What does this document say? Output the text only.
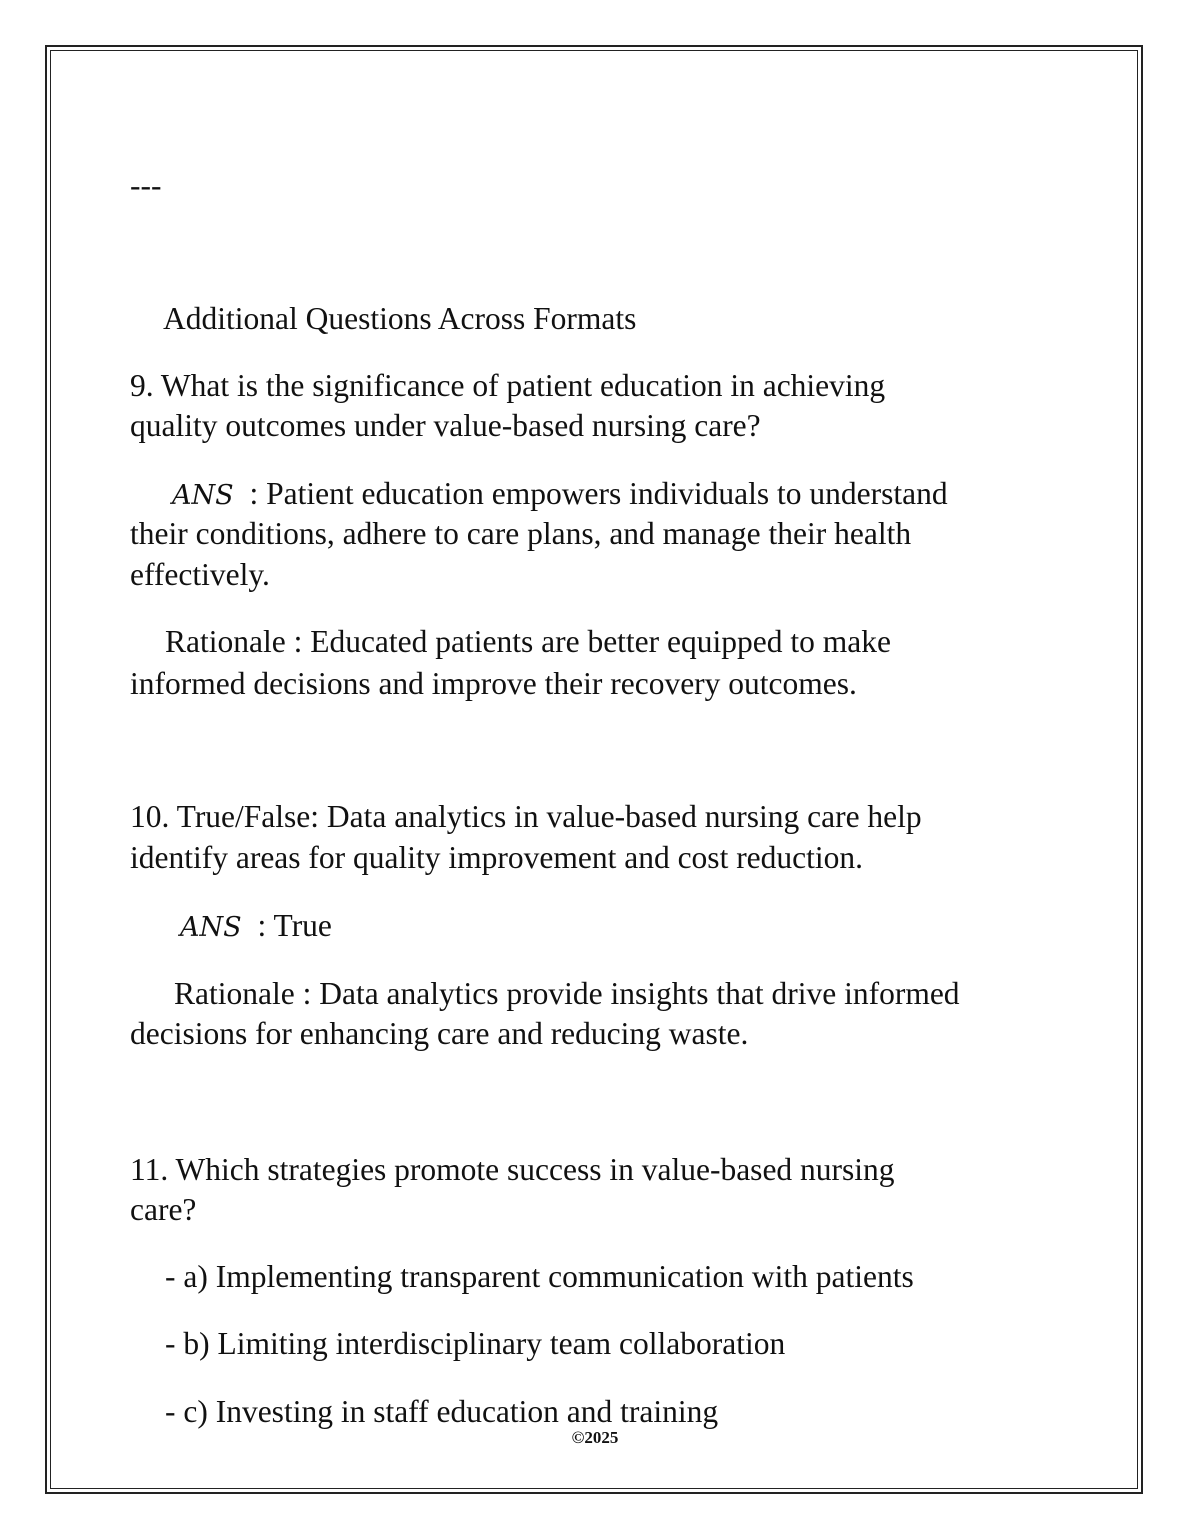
---

Additional Questions Across Formats

9. What is the significance of patient education in achieving

quality outcomes under value-based nursing care?

ANS : Patient education empowers individuals to understand

their conditions, adhere to care plans, and manage their health

effectively.

Rationale : Educated patients are better equipped to make

informed decisions and improve their recovery outcomes.

10. True/False: Data analytics in value-based nursing care help

identify areas for quality improvement and cost reduction.

ANS : True

Rationale : Data analytics provide insights that drive informed

decisions for enhancing care and reducing waste.

11. Which strategies promote success in value-based nursing

care?

- a) Implementing transparent communication with patients

- b) Limiting interdisciplinary team collaboration

- c) Investing in staff education and training

©2025
